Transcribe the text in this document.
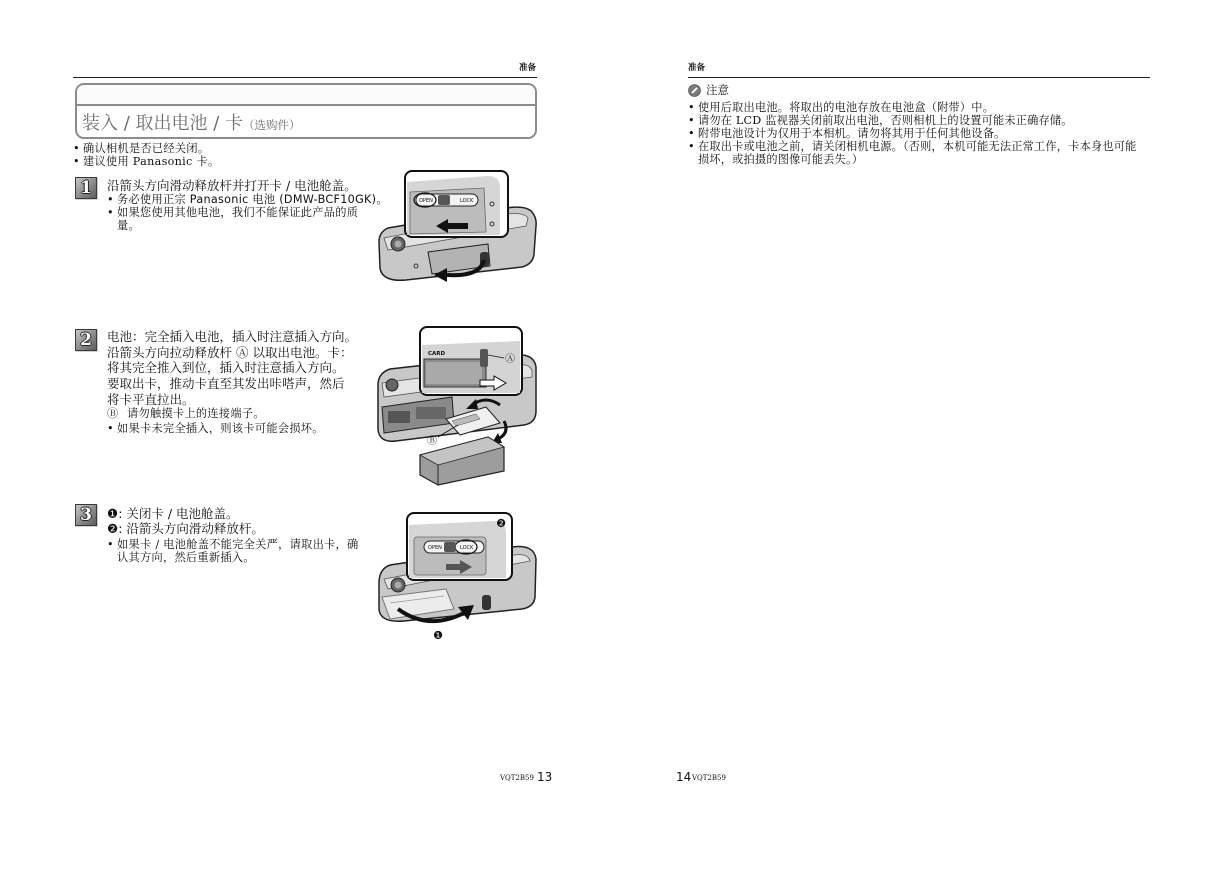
准备
装入 / 取出电池 / 卡（选购件）
• 确认相机是否已经关闭。
• 建议使用 Panasonic 卡。
1	沿箭头方向滑动释放杆并打开卡 / 电池舱盖。
• 务必使用正宗 Panasonic 电池 (DMW-BCF10GK)。
• 如果您使用其他电池，我们不能保证此产品的质
量。
OPEN	LOCK
2	电池：完全插入电池，插入时注意插入方向。
沿箭头方向拉动释放杆 Ⓐ 以取出电池。卡：
将其完全推入到位，插入时注意插入方向。
要取出卡，推动卡直至其发出咔嗒声，然后
将卡平直拉出。
Ⓑ 请勿触摸卡上的连接端子。
• 如果卡未完全插入，则该卡可能会损坏。
Ⓑ
CARD	Ⓐ
3	❶: 关闭卡 / 电池舱盖。
❷: 沿箭头方向滑动释放杆。
• 如果卡 / 电池舱盖不能完全关严，请取出卡，确
认其方向，然后重新插入。
❶
OPEN	LOCK
❷
VQT2B59 13
准备
注意
• 使用后取出电池。将取出的电池存放在电池盒（附带）中。
• 请勿在 LCD 监视器关闭前取出电池，否则相机上的设置可能未正确存储。
• 附带电池设计为仅用于本相机。请勿将其用于任何其他设备。
• 在取出卡或电池之前，请关闭相机电源。（否则，本机可能无法正常工作，卡本身也可能
损坏，或拍摄的图像可能丢失。）
14 VQT2B59
